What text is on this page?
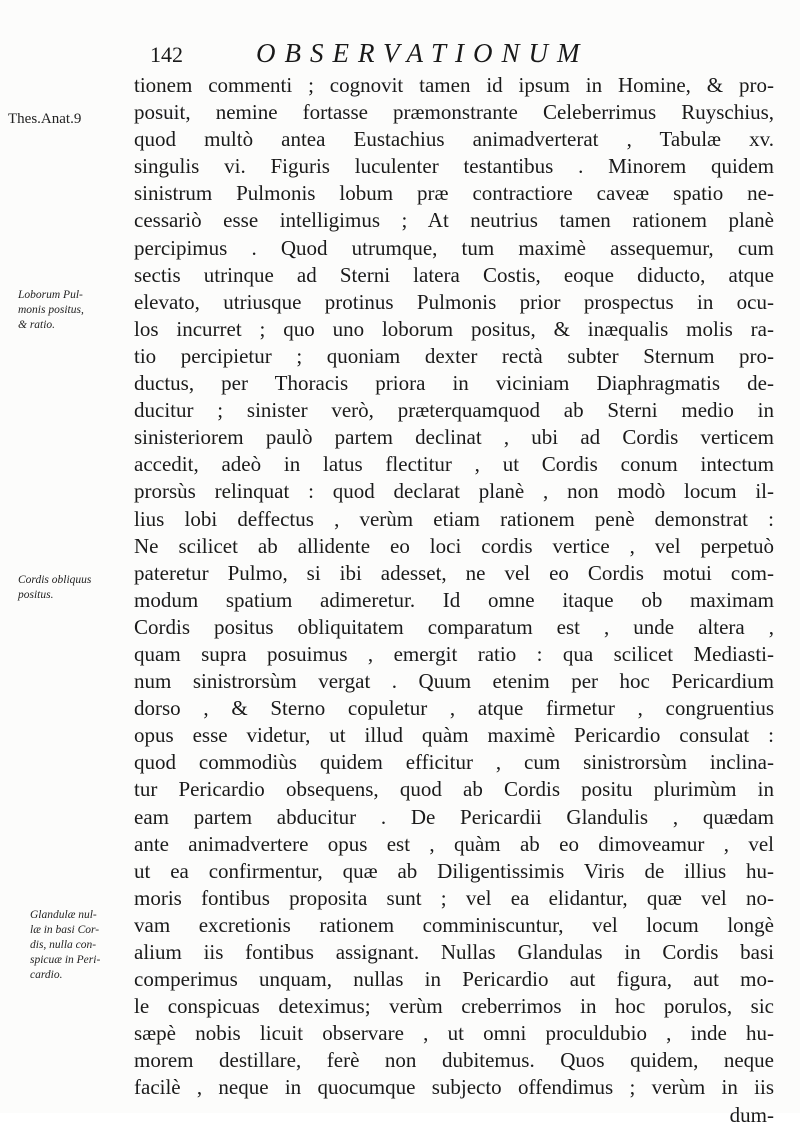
142	OBSERVATIONUM
Thes.Anat.9
Loborum Pul-
monis positus,
& ratio.
Cordis obliquus
positus.
Glandulæ nul-
læ in basi Cor-
dis, nulla con-
spicuæ in Peri-
cardio.
tionem commenti ; cognovit tamen id ipsum in Homine, & pro-
posuit, nemine fortasse præmonstrante Celeberrimus Ruyschius,
quod multò antea Eustachius animadverterat , Tabulæ xv.
singulis vi. Figuris luculenter testantibus . Minorem quidem
sinistrum Pulmonis lobum præ contractiore caveæ spatio ne-
cessariò esse intelligimus ; At neutrius tamen rationem planè
percipimus . Quod utrumque, tum maximè assequemur, cum
sectis utrinque ad Sterni latera Costis, eoque diducto, atque
elevato, utriusque protinus Pulmonis prior prospectus in ocu-
los incurret ; quo uno loborum positus, & inæqualis molis ra-
tio percipietur ; quoniam dexter rectà subter Sternum pro-
ductus, per Thoracis priora in viciniam Diaphragmatis de-
ducitur ; sinister verò, præterquamquod ab Sterni medio in
sinisteriorem paulò partem declinat , ubi ad Cordis verticem
accedit, adeò in latus flectitur , ut Cordis conum intectum
prorsùs relinquat : quod declarat planè , non modò locum il-
lius lobi deffectus , verùm etiam rationem penè demonstrat :
Ne scilicet ab allidente eo loci cordis vertice , vel perpetuò
pateretur Pulmo, si ibi adesset, ne vel eo Cordis motui com-
modum spatium adimeretur. Id omne itaque ob maximam
Cordis positus obliquitatem comparatum est , unde altera ,
quam supra posuimus , emergit ratio : qua scilicet Mediasti-
num sinistrorsùm vergat . Quum etenim per hoc Pericardium
dorso , & Sterno copuletur , atque firmetur , congruentius
opus esse videtur, ut illud quàm maximè Pericardio consulat :
quod commodiùs quidem efficitur , cum sinistrorsùm inclina-
tur Pericardio obsequens, quod ab Cordis positu plurimùm in
eam partem abducitur . De Pericardii Glandulis , quædam
ante animadvertere opus est , quàm ab eo dimoveamur , vel
ut ea confirmentur, quæ ab Diligentissimis Viris de illius hu-
moris fontibus proposita sunt ; vel ea elidantur, quæ vel no-
vam excretionis rationem comminiscuntur, vel locum longè
alium iis fontibus assignant. Nullas Glandulas in Cordis basi
comperimus unquam, nullas in Pericardio aut figura, aut mo-
le conspicuas deteximus; verùm creberrimos in hoc porulos, sic
sæpè nobis licuit observare , ut omni proculdubio , inde hu-
morem destillare, ferè non dubitemus. Quos quidem, neque
facilè , neque in quocumque subjecto offendimus ; verùm in iis
dum-
